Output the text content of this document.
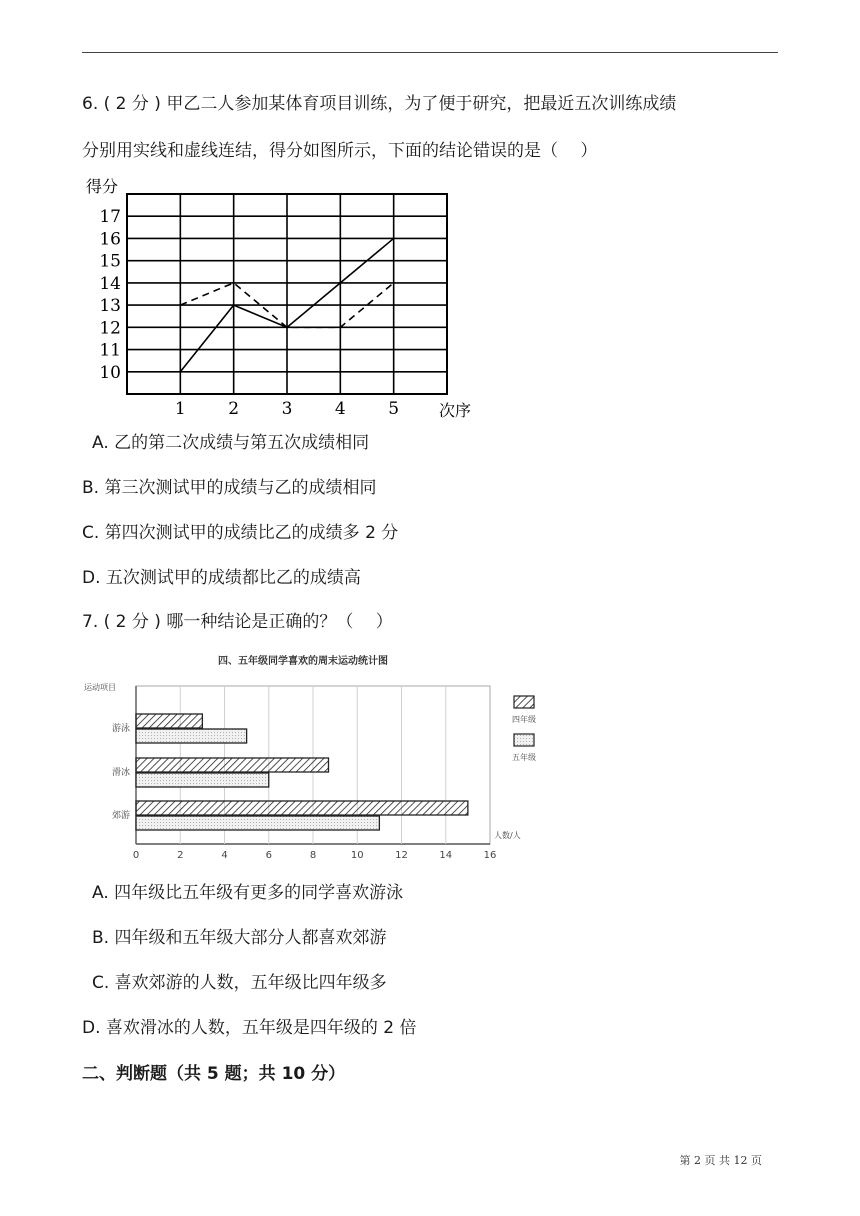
6. ( 2 分 ) 甲乙二人参加某体育项目训练，为了便于研究，把最近五次训练成绩
分别用实线和虚线连结，得分如图所示，下面的结论错误的是（　 ）
10
11
12
13
14
15
16
17
1	2	3	4	5
得分
次序
A. 乙的第二次成绩与第五次成绩相同
B. 第三次测试甲的成绩与乙的成绩相同
C. 第四次测试甲的成绩比乙的成绩多 2 分
D. 五次测试甲的成绩都比乙的成绩高
7. ( 2 分 ) 哪一种结论是正确的？（　 ）
四、五年级同学喜欢的周末运动统计图
运动项目
0	2	4	6	8	10	12	14	16
人数/人
游泳
滑冰
郊游
四年级
五年级
A. 四年级比五年级有更多的同学喜欢游泳
B. 四年级和五年级大部分人都喜欢郊游
C. 喜欢郊游的人数，五年级比四年级多
D. 喜欢滑冰的人数，五年级是四年级的 2 倍
二、判断题（共 5 题；共 10 分）
第 2 页 共 12 页
